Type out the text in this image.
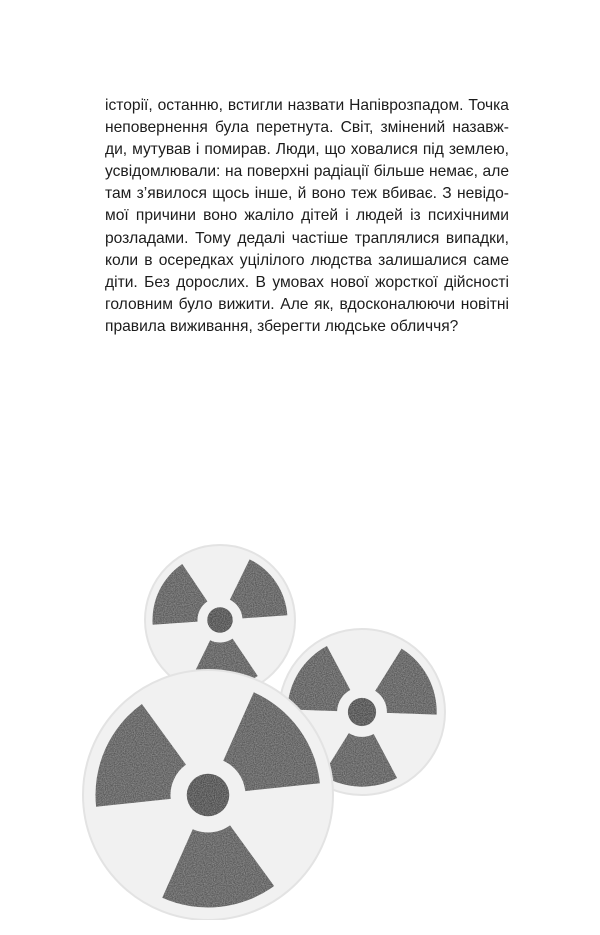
історії, останню, встигли назвати Напіврозпадом. Точка
неповернення була перетнута. Світ, змінений назавж-
ди, мутував і помирав. Люди, що ховалися під землею,
усвідомлювали: на поверхні радіації більше немає, але
там з’явилося щось інше, й воно теж вбиває. З невідо-
мої причини воно жаліло дітей і людей із психічними
розладами. Тому дедалі частіше траплялися випадки,
коли в осередках уцілілого людства залишалися саме
діти. Без дорослих. В умовах нової жорсткої дійсності
головним було вижити. Але як, вдосконалюючи новітні
правила виживання, зберегти людське обличчя?
